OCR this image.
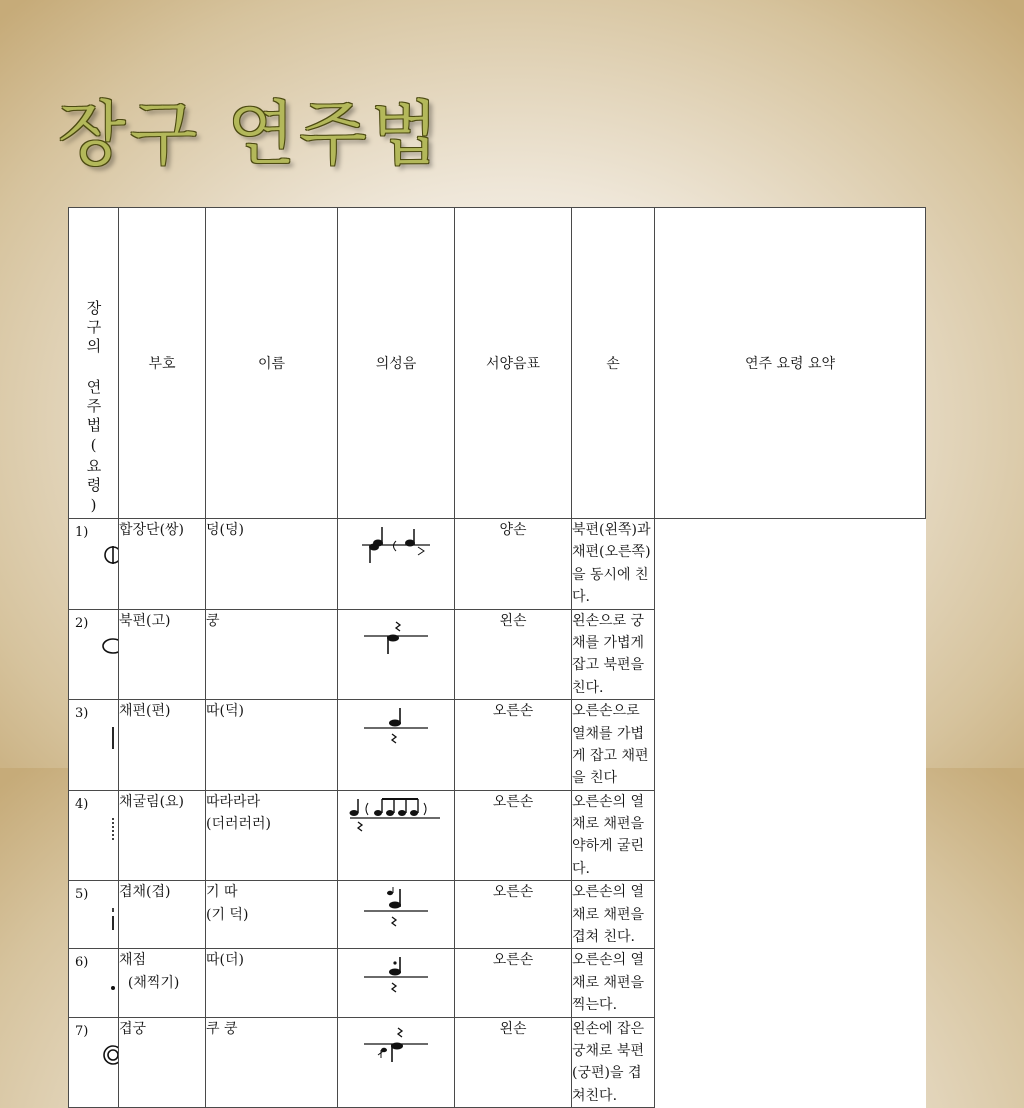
장구 연주법
장구의 연주법(요령)	부호	이름	의성음	서양음표	손	연주 요령 요약

1)	합장단(쌍)	덩(덩)		양손	북편(왼쪽)과 채편(오른쪽)을 동시에 친다.	

2)	북편(고)	쿵		왼손	왼손으로 궁채를 가볍게 잡고 북편을 친다.	

3)	채편(편)	따(덕)		오른손	오른손으로 열채를 가볍게 잡고 채편을 친다	

4)	채굴림(요)	따라라라
(더러러러)		오른손	오른손의 열채로 채편을 약하게 굴린다.	

5)	겹채(겹)	기 따
(기 덕)		오른손	오른손의 열채로 채편을 겹쳐 친다.	

6)	채점
(채찍기)	따(더)		오른손	오른손의 열채로 채편을 찍는다.	

7)	겹궁	쿠 쿵		왼손	왼손에 잡은 궁채로 북편(궁편)을 겹쳐친다.	
